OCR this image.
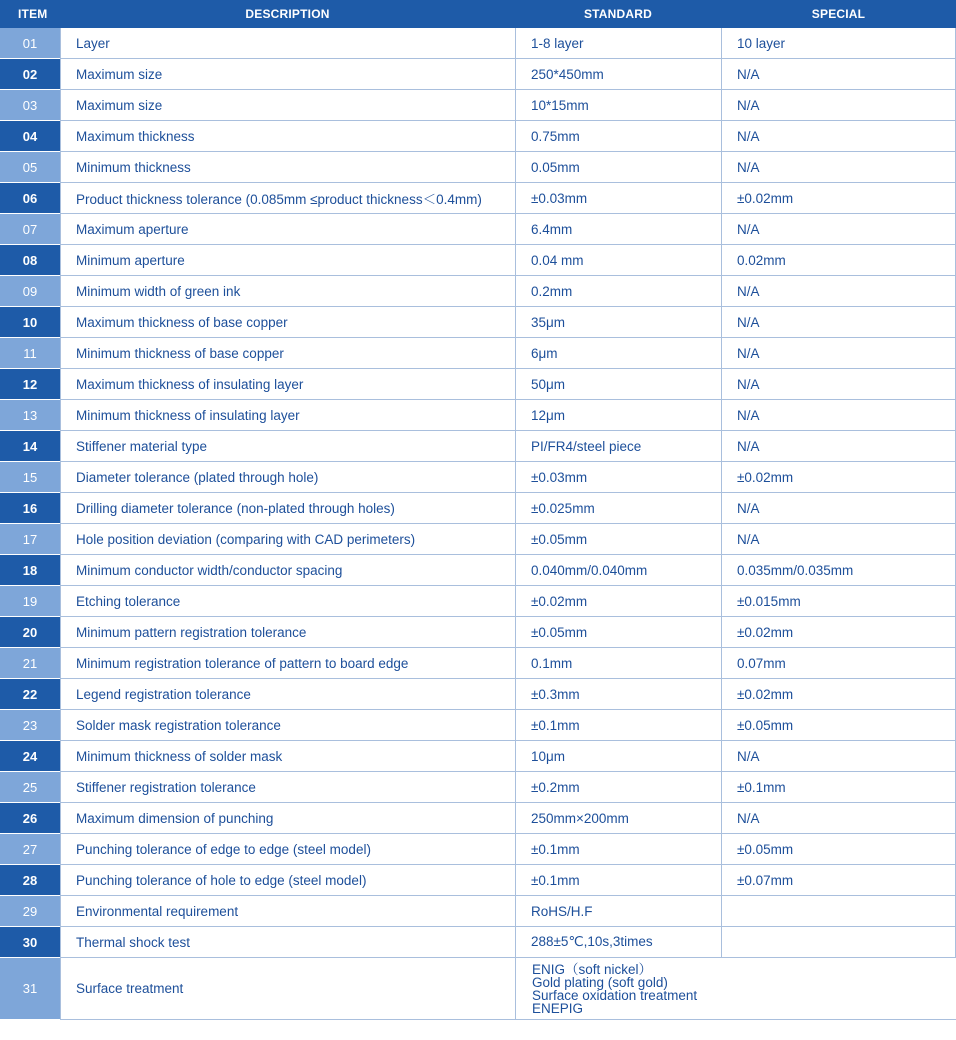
ITEM	DESCRIPTION	STANDARD	SPECIAL
01	Layer	1-8 layer	10 layer
02	Maximum size	250*450mm	N/A
03	Maximum size	10*15mm	N/A
04	Maximum thickness	0.75mm	N/A
05	Minimum thickness	0.05mm	N/A
06	Product thickness tolerance (0.085mm ≤product thickness＜0.4mm)	±0.03mm	±0.02mm
07	Maximum aperture	6.4mm	N/A
08	Minimum aperture	0.04 mm	0.02mm
09	Minimum width of green ink	0.2mm	N/A
10	Maximum thickness of base copper	35μm	N/A
11	Minimum thickness of base copper	6μm	N/A
12	Maximum thickness of insulating layer	50μm	N/A
13	Minimum thickness of insulating layer	12μm	N/A
14	Stiffener material type	PI/FR4/steel piece	N/A
15	Diameter tolerance (plated through hole)	±0.03mm	±0.02mm
16	Drilling diameter tolerance (non-plated through holes)	±0.025mm	N/A
17	Hole position deviation (comparing with CAD perimeters)	±0.05mm	N/A
18	Minimum conductor width/conductor spacing	0.040mm/0.040mm	0.035mm/0.035mm
19	Etching tolerance	±0.02mm	±0.015mm
20	Minimum pattern registration tolerance	±0.05mm	±0.02mm
21	Minimum registration tolerance of pattern to board edge	0.1mm	0.07mm
22	Legend registration tolerance	±0.3mm	±0.02mm
23	Solder mask registration tolerance	±0.1mm	±0.05mm
24	Minimum thickness of solder mask	10μm	N/A
25	Stiffener registration tolerance	±0.2mm	±0.1mm
26	Maximum dimension of punching	250mm×200mm	N/A
27	Punching tolerance of edge to edge (steel model)	±0.1mm	±0.05mm
28	Punching tolerance of hole to edge (steel model)	±0.1mm	±0.07mm
29	Environmental requirement	RoHS/H.F
30	Thermal shock test	288±5℃,10s,3times
31	Surface treatment
ENIG（soft nickel）
Gold plating (soft gold)
Surface oxidation treatment
ENEPIG
